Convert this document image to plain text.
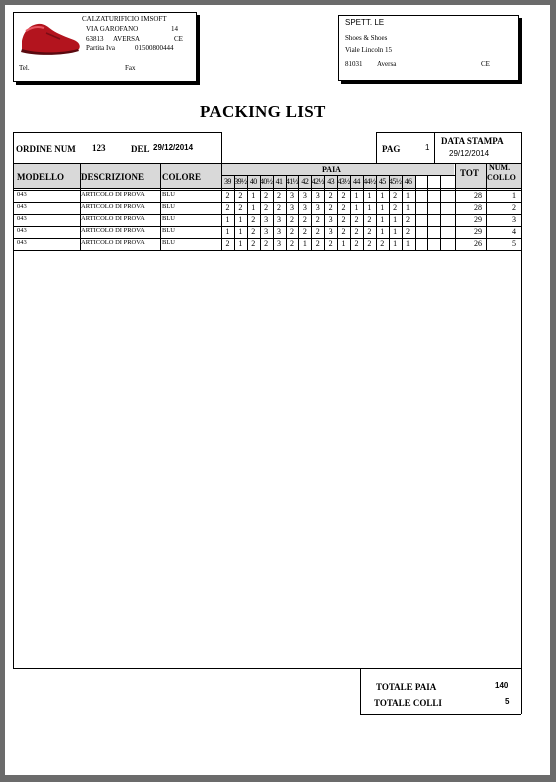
CALZATURIFICIO IMSOFT
VIA GAROFANO	14
63813 AVERSA	CE
Partita Iva	01500800444
Tel.	Fax
SPETT. LE
Shoes & Shoes
Viale Lincoln 15
81031 Aversa	CE
PACKING LIST
ORDINE NUM 123	DEL 29/12/2014	PAG	1
DATA STAMPA
29/12/2014
MODELLO DESCRIZIONE COLORE
PAIA	TOT
NUM.
COLLO
39 39½ 40 40½ 41 41½ 42 42½ 43 43½ 44 44½ 45 45½ 46
043	ARTICOLO DI PROVA	BLU	2	2	1	2	2	3	3	3	2	2	1	1	1	2	1	28	1
043	ARTICOLO DI PROVA	BLU	2	2	1	2	2	3	3	3	2	2	1	1	1	2	1	28	2
043	ARTICOLO DI PROVA	BLU	1	1	2	3	3	2	2	2	3	2	2	2	1	1	2	29	3
043	ARTICOLO DI PROVA	BLU	1	1	2	3	3	2	2	2	3	2	2	2	1	1	2	29	4
043	ARTICOLO DI PROVA	BLU	2	1	2	2	3	2	1	2	2	1	2	2	2	1	1	26	5
TOTALE PAIA	140
TOTALE COLLI	5
